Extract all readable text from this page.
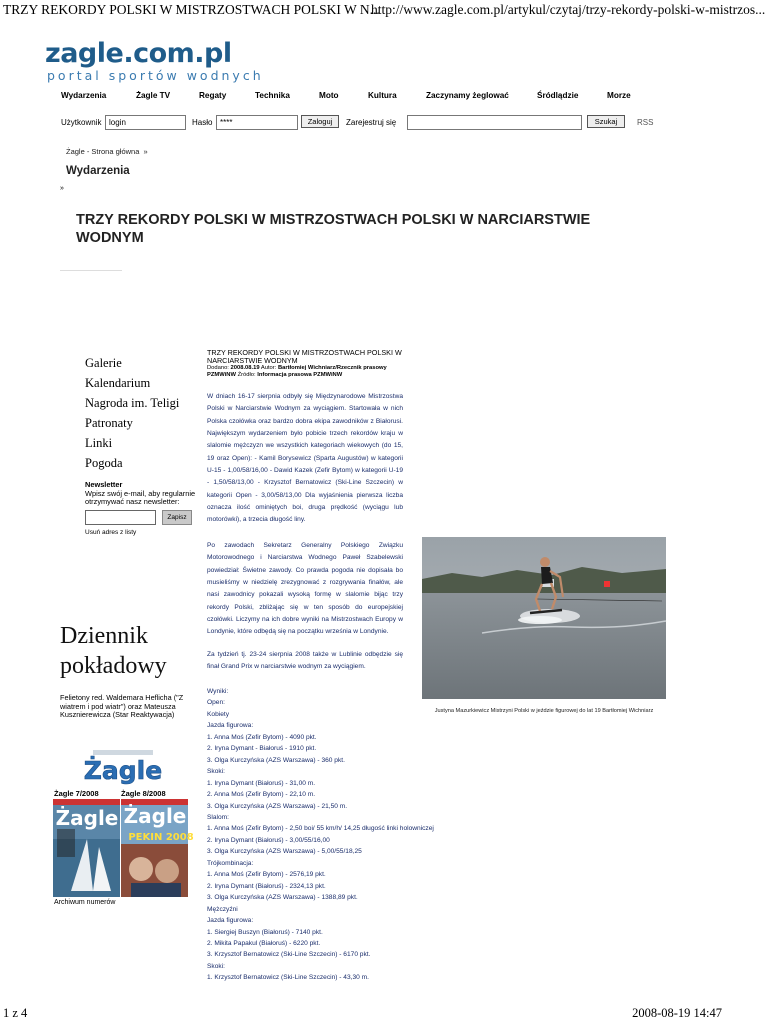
TRZY REKORDY POLSKI W MISTRZOSTWACH POLSKI W N...
http://www.zagle.com.pl/artykul/czytaj/trzy-rekordy-polski-w-mistrzos...
zagle.com.pl
portal sportów wodnych
Wydarzenia	Żagle TV	Regaty	Technika	Moto	Kultura	Zaczynamy żeglować	Śródlądzie	Morze
Użytkownik login	Hasło ****	Zaloguj	Zarejestruj się	Szukaj	RSS
Żagle - Strona główna »
Wydarzenia
»
TRZY REKORDY POLSKI W MISTRZOSTWACH POLSKI W NARCIARSTWIE WODNYM
Galerie
Kalendarium
Nagroda im. Teligi
Patronaty
Linki
Pogoda
Newsletter
Wpisz swój e-mail, aby regularnie otrzymywać nasz newsletter:
Zapisz
Usuń adres z listy
Dziennik
pokładowy
Felietony red. Waldemara Heflicha ("Z wiatrem i pod wiatr") oraz Mateusza Kusznierewicza (Star Reaktywacja)
Żagle
Żagle 7/2008	Żagle 8/2008
Żagle Żagle
PEKIN 2008
Archiwum numerów
TRZY REKORDY POLSKI W MISTRZOSTWACH POLSKI W NARCIARSTWIE WODNYM
Dodano: 2008.08.19 Autor: Bartłomiej Wichniarz/Rzecznik prasowy PZMWiNW Źródło: Informacja prasowa PZMWiNW
W dniach 16-17 sierpnia odbyły się Międzynarodowe Mistrzostwa Polski w Narciarstwie Wodnym za wyciągiem. Startowała w nich Polska czołówka oraz bardzo dobra ekipa zawodników z Białorusi. Największym wydarzeniem było pobicie trzech rekordów kraju w slalomie mężczyzn we wszystkich kategoriach wiekowych (do 15, 19 oraz Open): - Kamil Borysewicz (Sparta Augustów) w kategorii U-15 - 1,00/58/16,00 - Dawid Kazek (Zefir Bytom) w kategorii U-19 - 1,50/58/13,00 - Krzysztof Bernatowicz (Ski-Line Szczecin) w kategorii Open - 3,00/58/13,00 Dla wyjaśnienia pierwsza liczba oznacza ilość ominiętych boi, druga prędkość (wyciągu lub motorówki), a trzecia długość liny.
Po zawodach Sekretarz Generalny Polskiego Związku Motorowodnego i Narciarstwa Wodnego Paweł Szabelewski powiedział: Świetne zawody. Co prawda pogoda nie dopisała bo musieliśmy w niedzielę zrezygnować z rozgrywania finałów, ale nasi zawodnicy pokazali wysoką formę w slalomie bijąc trzy rekordy Polski, zbliżając się w ten sposób do europejskiej czołówki. Liczymy na ich dobre wyniki na Mistrzostwach Europy w Londynie, które odbędą się na początku września w Londynie.
Za tydzień tj. 23-24 sierpnia 2008 także w Lublinie odbędzie się finał Grand Prix w narciarstwie wodnym za wyciągiem.
Wyniki:
Open:
Kobiety
Jazda figurowa:
1. Anna Moś (Zefir Bytom) - 4090 pkt.
2. Iryna Dymant - Białoruś - 1910 pkt.
3. Olga Kurczyńska (AZS Warszawa) - 360 pkt.
Skoki:
1. Iryna Dymant (Białoruś) - 31,00 m.
2. Anna Moś (Zefir Bytom) - 22,10 m.
3. Olga Kurczyńska (AZS Warszawa) - 21,50 m.
Slalom:
1. Anna Moś (Zefir Bytom) - 2,50 boi/ 55 km/h/ 14,25 długość linki holowniczej
2. Iryna Dymant (Białoruś) - 3,00/55/16,00
3. Olga Kurczyńska (AZS Warszawa) - 5,00/55/18,25
Trójkombinacja:
1. Anna Moś (Zefir Bytom) - 2576,19 pkt.
2. Iryna Dymant (Białoruś) - 2324,13 pkt.
3. Olga Kurczyńska (AZS Warszawa) - 1388,89 pkt.
Mężczyźni
Jazda figurowa:
1. Siergiej Buszyn (Białoruś) - 7140 pkt.
2. Mikita Papakul (Białoruś) - 6220 pkt.
3. Krzysztof Bernatowicz (Ski-Line Szczecin) - 6170 pkt.
Skoki:
1. Krzysztof Bernatowicz (Ski-Line Szczecin) - 43,30 m.
Justyna Mazurkiewicz Mistrzyni Polski w jeździe figurowej do lat 19 Bartłomiej Wichniarz
1 z 4	2008-08-19 14:47
